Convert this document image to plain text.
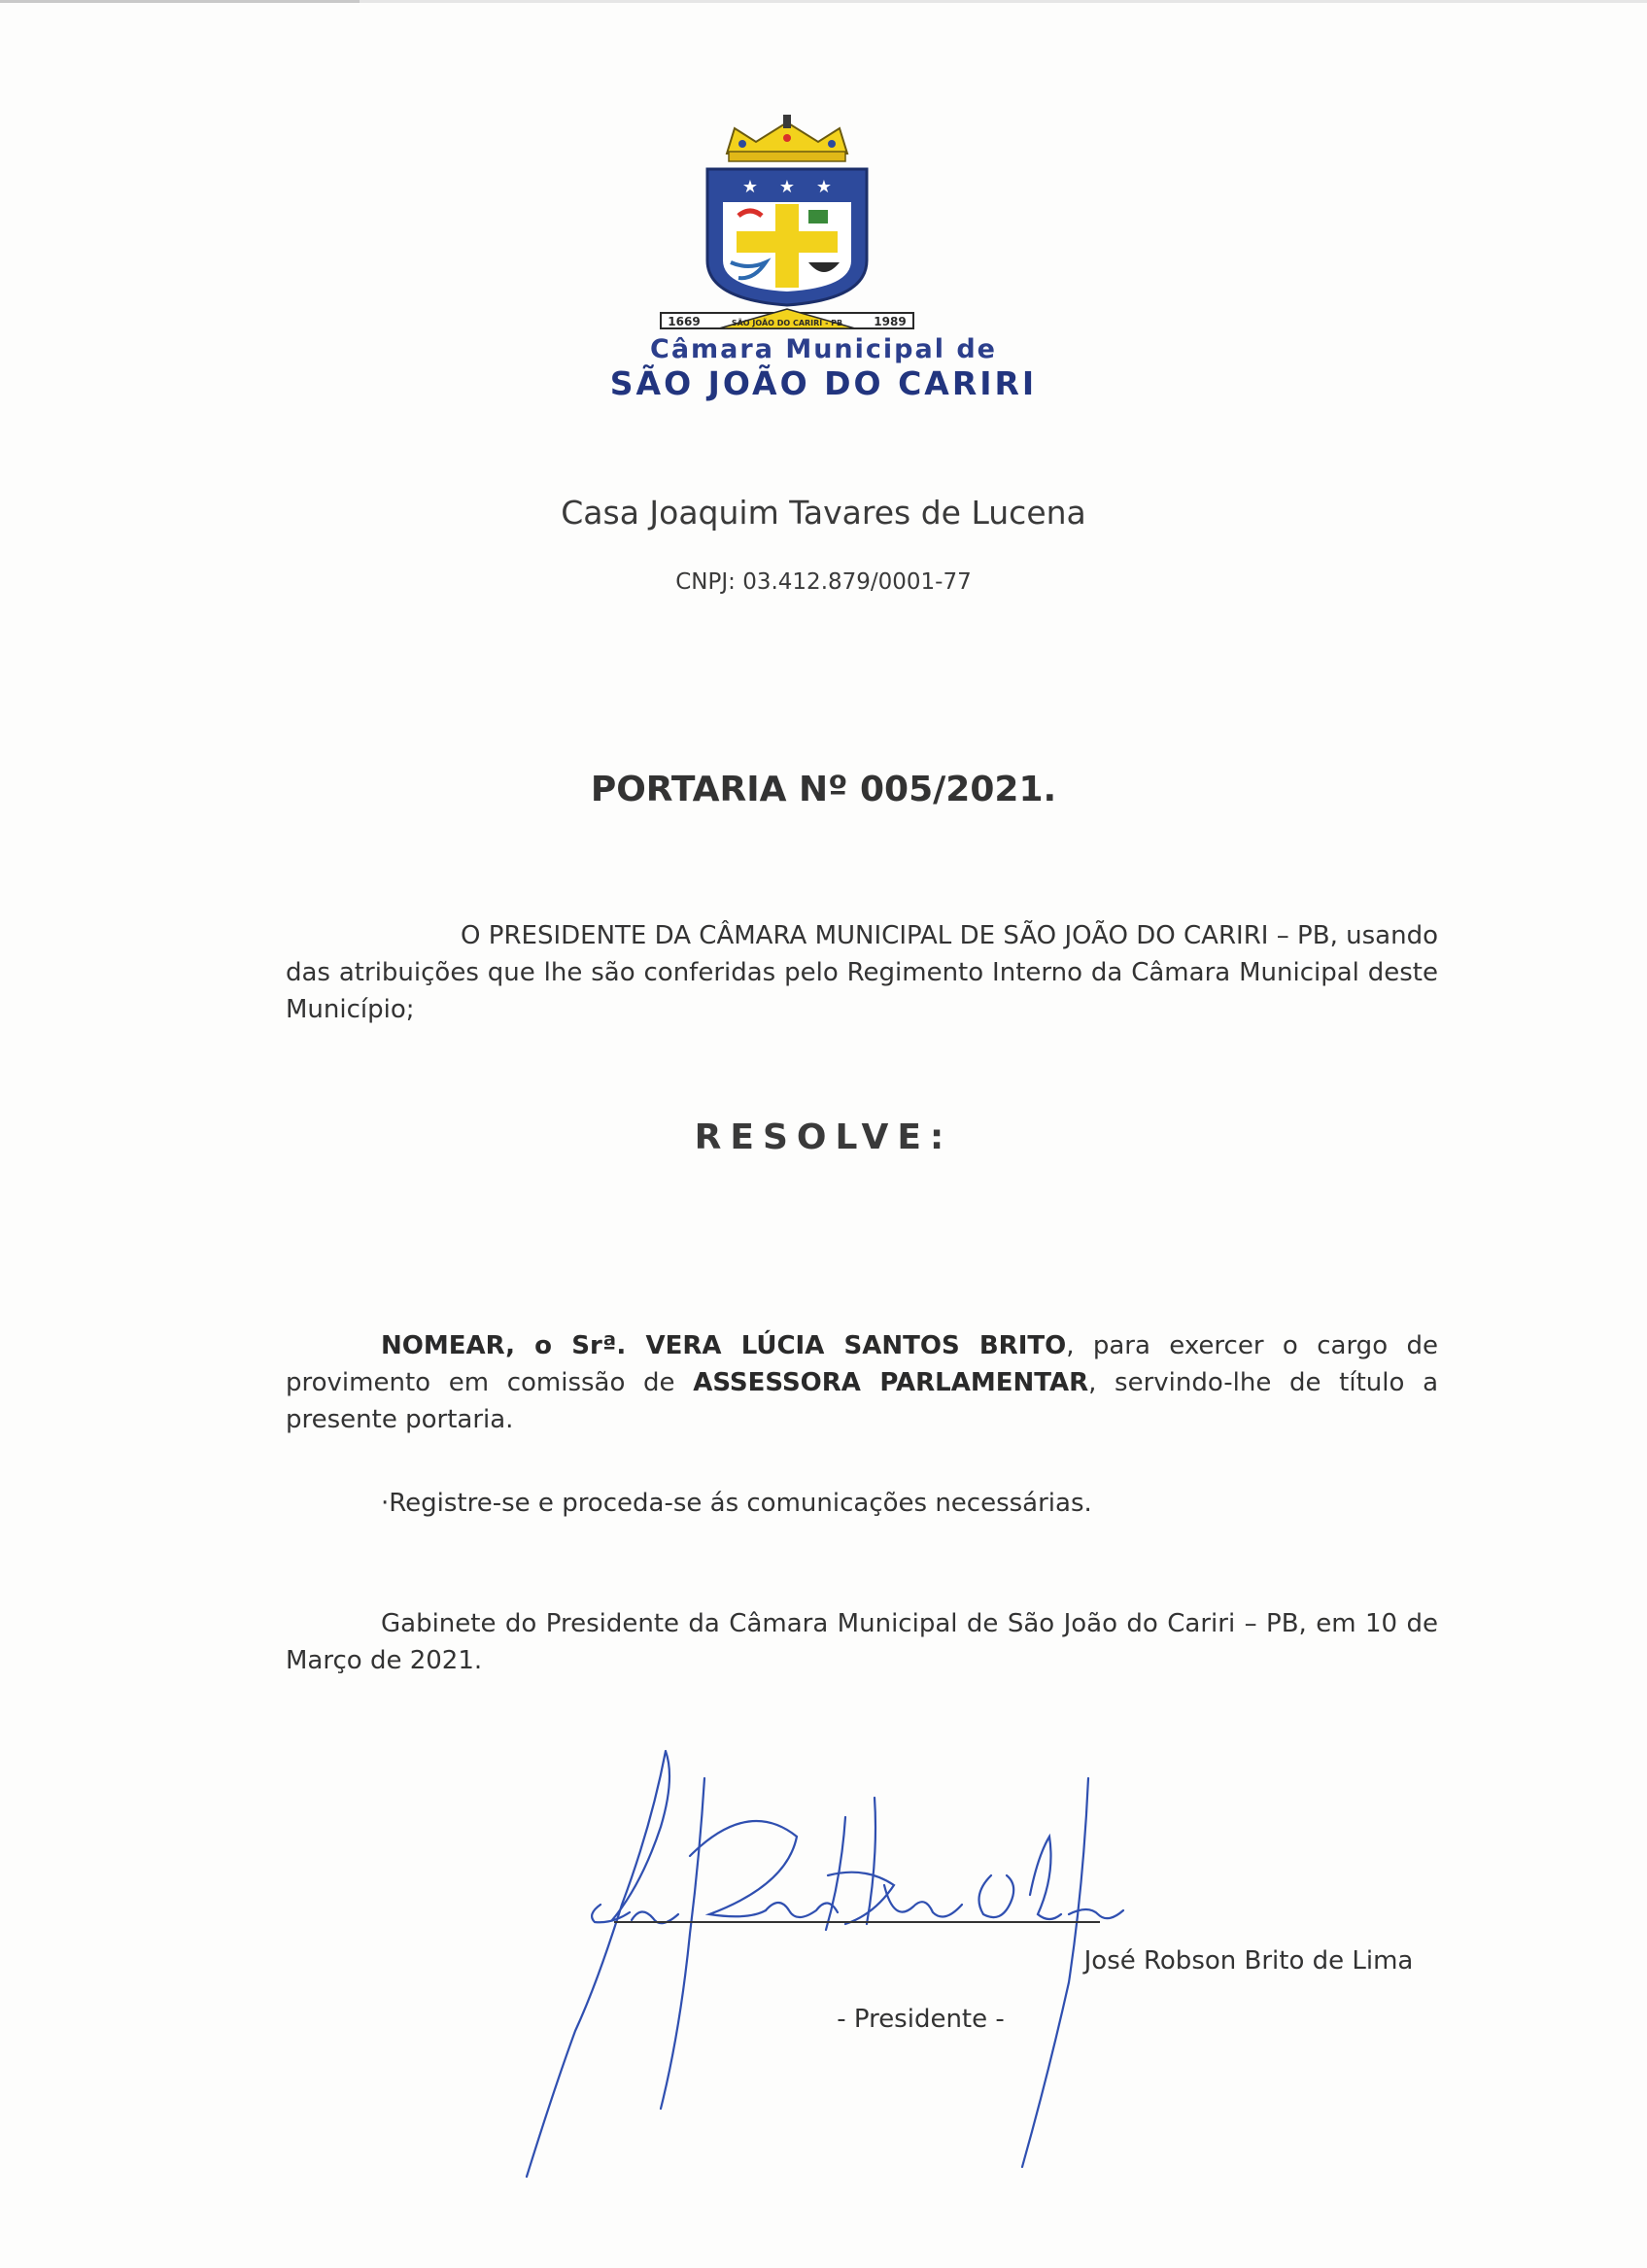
★ ★ ★
1669	1989
SÃO JOÃO DO CARIRI - PB
Câmara Municipal de
SÃO JOÃO DO CARIRI
Casa Joaquim Tavares de Lucena
CNPJ: 03.412.879/0001-77
PORTARIA Nº 005/2021.

O PRESIDENTE DA CÂMARA MUNICIPAL DE SÃO JOÃO DO CARIRI – PB, usando das atribuições que lhe são conferidas pelo Regimento Interno da Câmara Municipal deste Município;

RESOLVE:

NOMEAR, o Srª. VERA LÚCIA SANTOS BRITO, para exercer o cargo de provimento em comissão de ASSESSORA PARLAMENTAR, servindo-lhe de título a presente portaria.

·Registre-se e proceda-se ás comunicações necessárias.

Gabinete do Presidente da Câmara Municipal de São João do Cariri – PB, em 10 de Março de 2021.

José Robson Brito de Lima
- Presidente -
